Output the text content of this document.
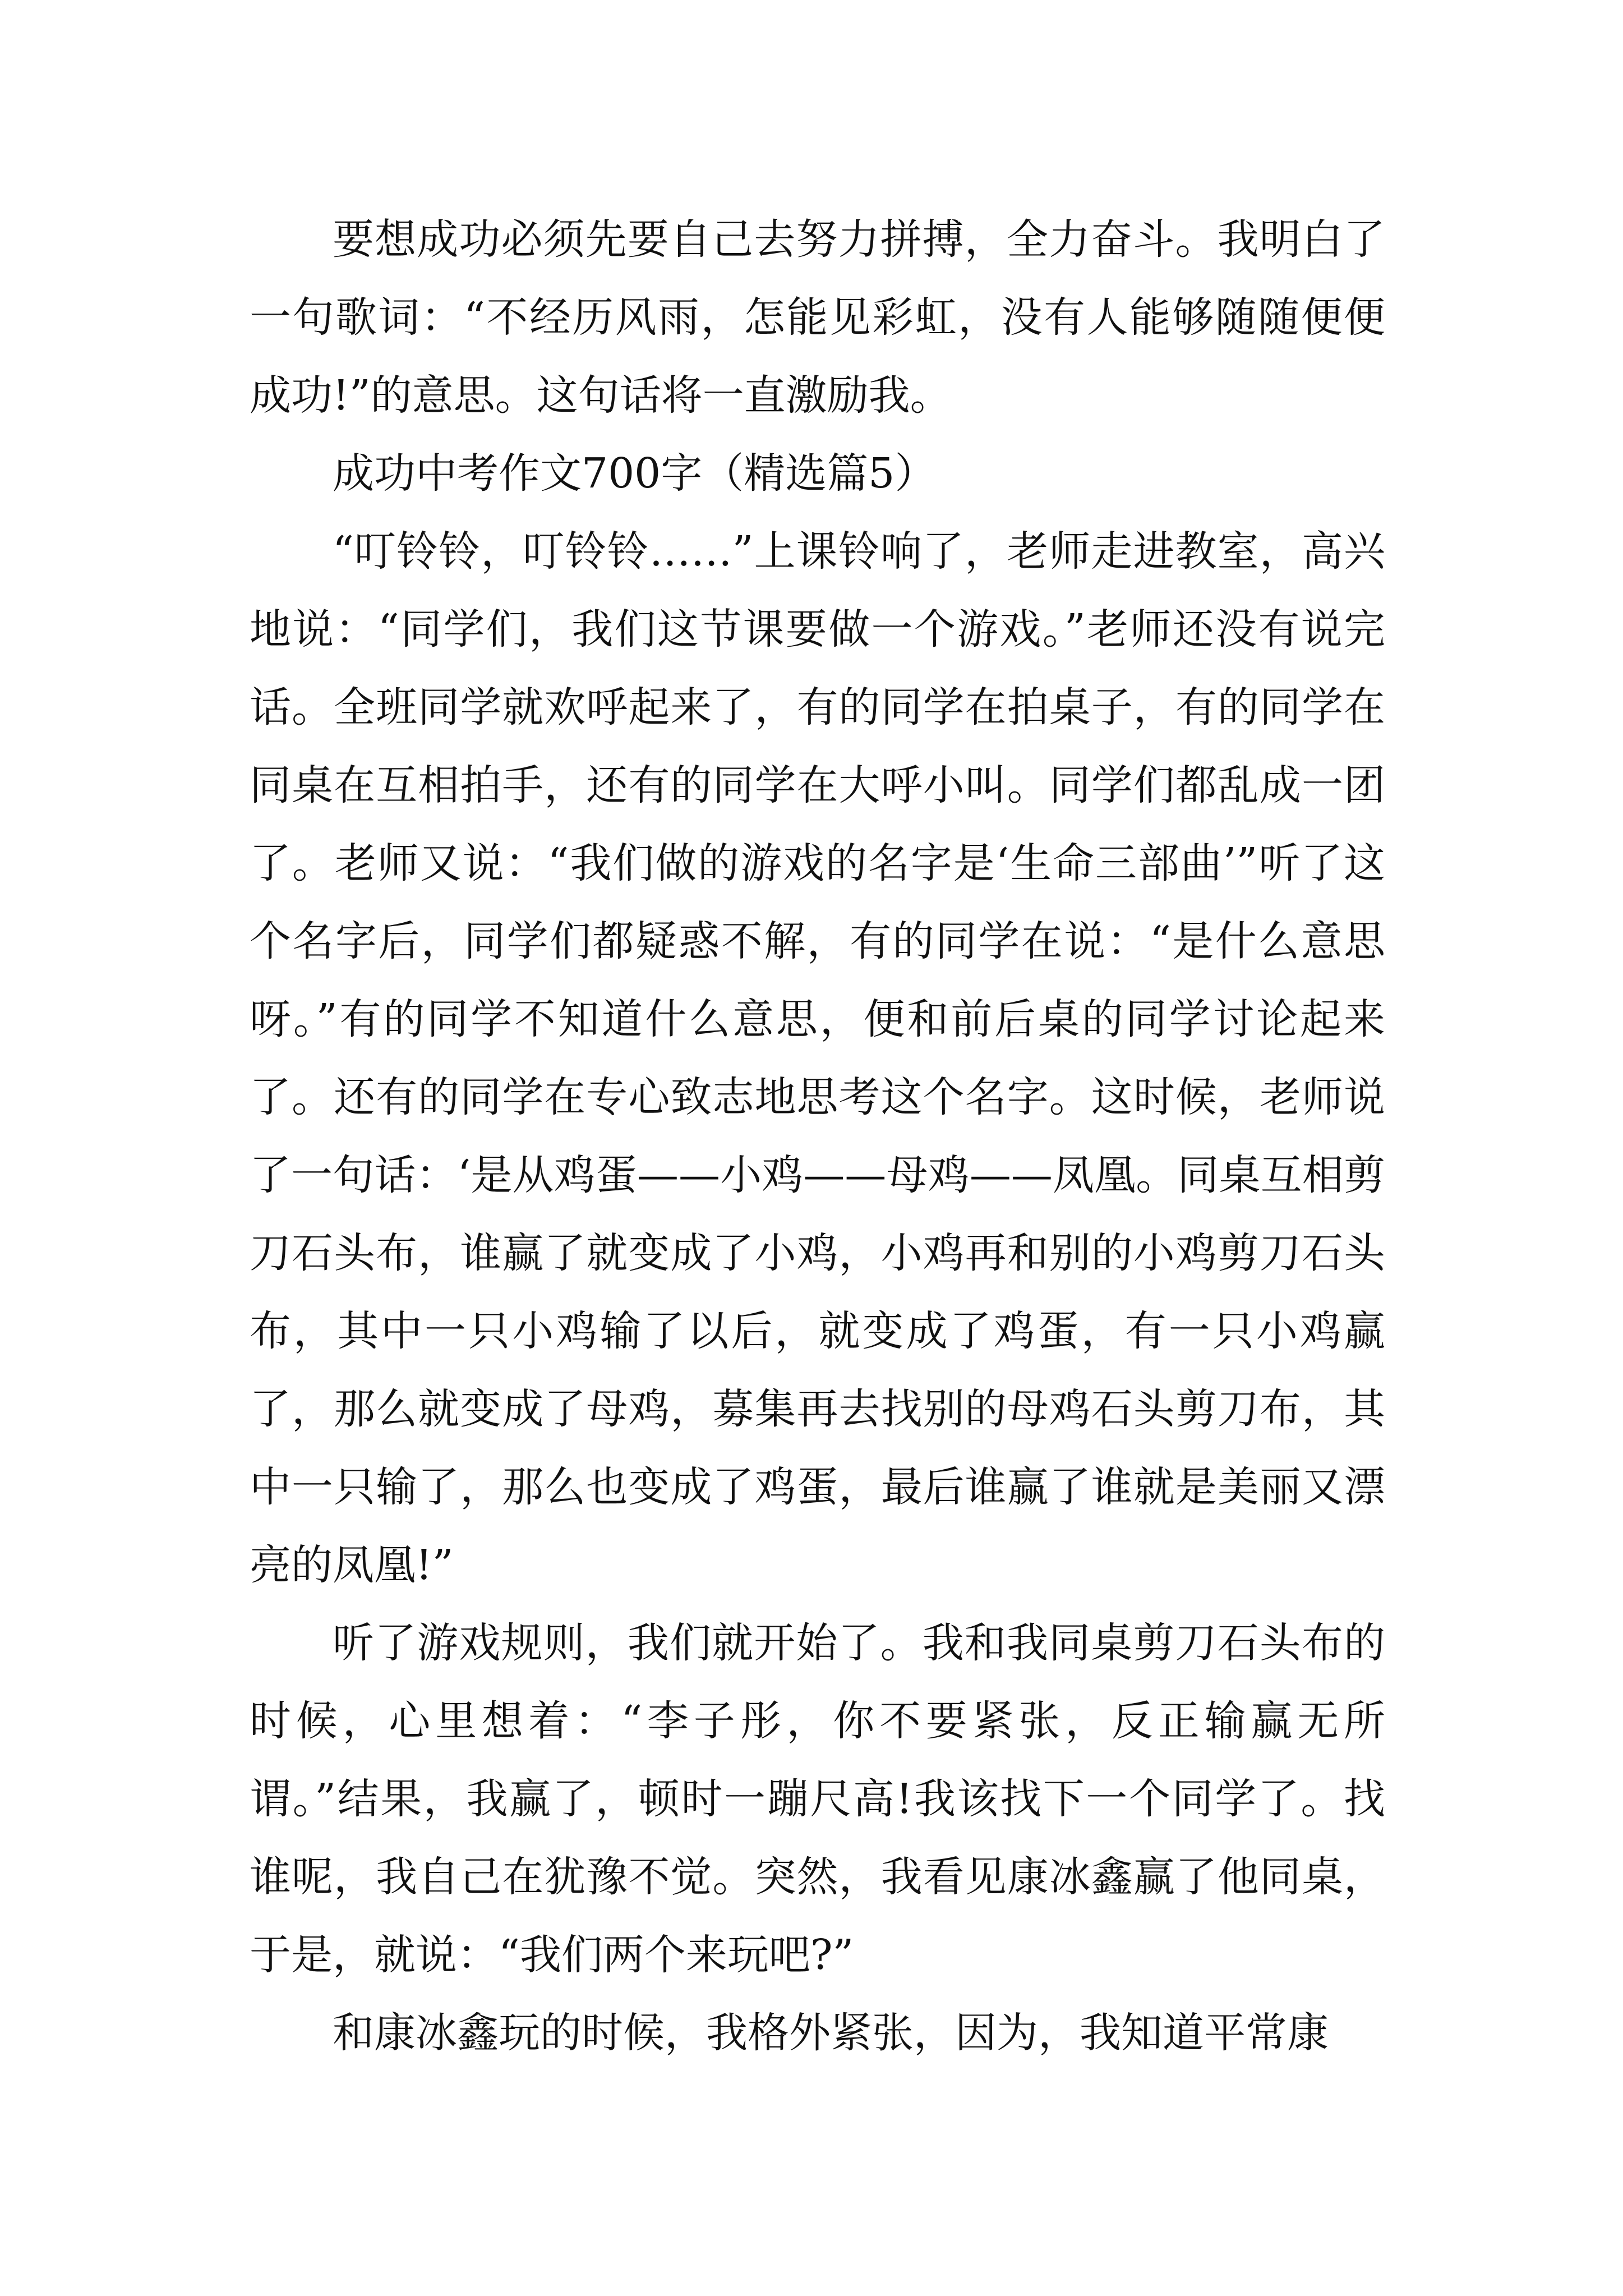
要想成功必须先要自己去努力拼搏，全力奋斗。我明白了一句歌词：“不经历风雨，怎能见彩虹，没有人能够随随便便成功!”的意思。这句话将一直激励我。

成功中考作文700字（精选篇5）

“叮铃铃，叮铃铃……”上课铃响了，老师走进教室，高兴地说：“同学们，我们这节课要做一个游戏。”老师还没有说完话。全班同学就欢呼起来了，有的同学在拍桌子，有的同学在同桌在互相拍手，还有的同学在大呼小叫。同学们都乱成一团了。老师又说：“我们做的游戏的名字是‘生命三部曲’”听了这个名字后，同学们都疑惑不解，有的同学在说：“是什么意思呀。”有的同学不知道什么意思，便和前后桌的同学讨论起来了。还有的同学在专心致志地思考这个名字。这时候，老师说了一句话：‘是从鸡蛋——小鸡——母鸡——凤凰。同桌互相剪刀石头布，谁赢了就变成了小鸡，小鸡再和别的小鸡剪刀石头布，其中一只小鸡输了以后，就变成了鸡蛋，有一只小鸡赢了，那么就变成了母鸡，募集再去找别的母鸡石头剪刀布，其中一只输了，那么也变成了鸡蛋，最后谁赢了谁就是美丽又漂亮的凤凰!”

听了游戏规则，我们就开始了。我和我同桌剪刀石头布的时候，心里想着：“李子彤，你不要紧张，反正输赢无所谓。”结果，我赢了，顿时一蹦尺高!我该找下一个同学了。找谁呢，我自己在犹豫不觉。突然，我看见康冰鑫赢了他同桌，于是，就说：“我们两个来玩吧?”

和康冰鑫玩的时候，我格外紧张，因为，我知道平常康
